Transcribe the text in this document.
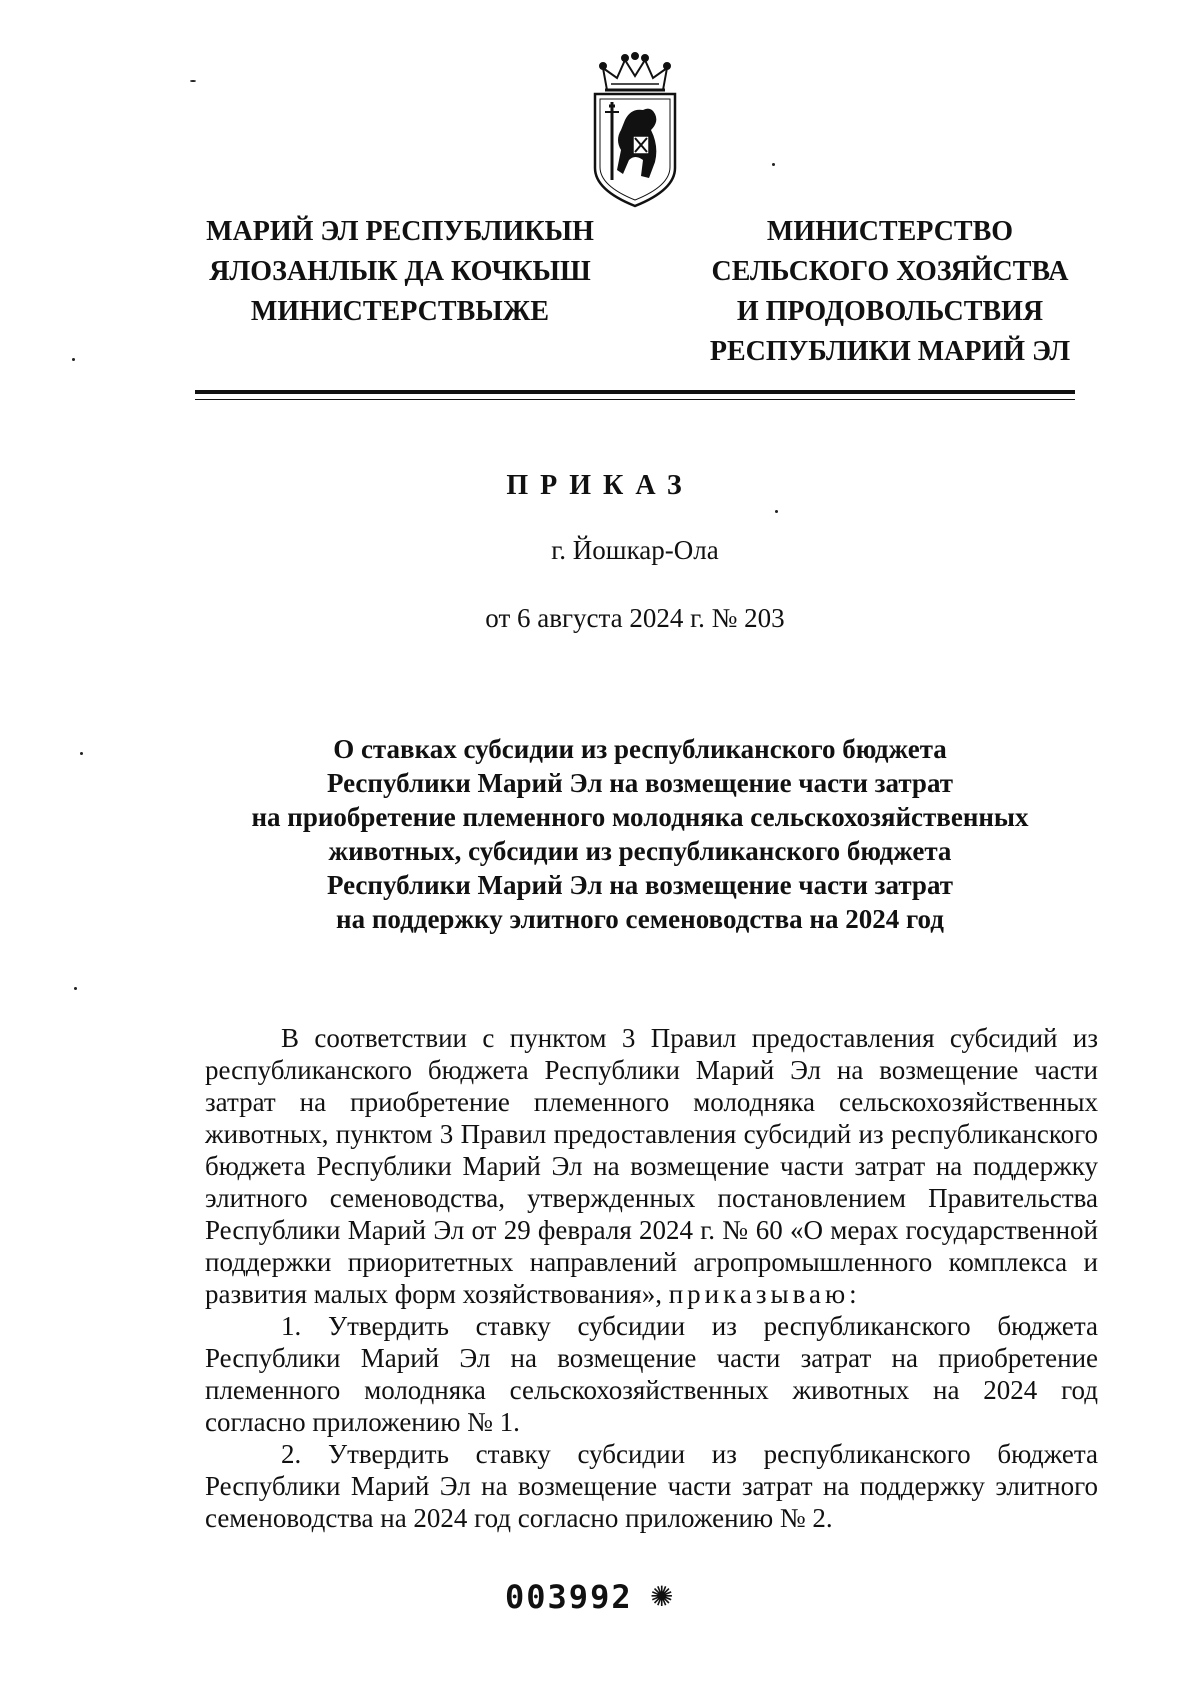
МАРИЙ ЭЛ РЕСПУБЛИКЫН
ЯЛОЗАНЛЫК ДА КОЧКЫШ
МИНИСТЕРСТВЫЖЕ
МИНИСТЕРСТВО
СЕЛЬСКОГО ХОЗЯЙСТВА
И ПРОДОВОЛЬСТВИЯ
РЕСПУБЛИКИ МАРИЙ ЭЛ
ПРИКАЗ
г. Йошкар-Ола
от 6 августа 2024 г. № 203
О ставках субсидии из республиканского бюджета
Республики Марий Эл на возмещение части затрат
на приобретение племенного молодняка сельскохозяйственных
животных, субсидии из республиканского бюджета
Республики Марий Эл на возмещение части затрат
на поддержку элитного семеноводства на 2024 год

В соответствии с пунктом 3 Правил предоставления субсидий из республиканского бюджета Республики Марий Эл на возмещение части затрат на приобретение племенного молодняка сельскохозяйственных животных, пунктом 3 Правил предоставления субсидий из республиканского бюджета Республики Марий Эл на возмещение части затрат на поддержку элитного семеноводства, утвержденных постановлением Правительства Республики Марий Эл от 29 февраля 2024 г. № 60 «О мерах государственной поддержки приоритетных направлений агропромышленного комплекса и развития малых форм хозяйствования», приказываю:

1. Утвердить ставку субсидии из республиканского бюджета Республики Марий Эл на возмещение части затрат на приобретение племенного молодняка сельскохозяйственных животных на 2024 год согласно приложению № 1.

2. Утвердить ставку субсидии из республиканского бюджета Республики Марий Эл на возмещение части затрат на поддержку элитного семеноводства на 2024 год согласно приложению № 2.

003992 ✺
